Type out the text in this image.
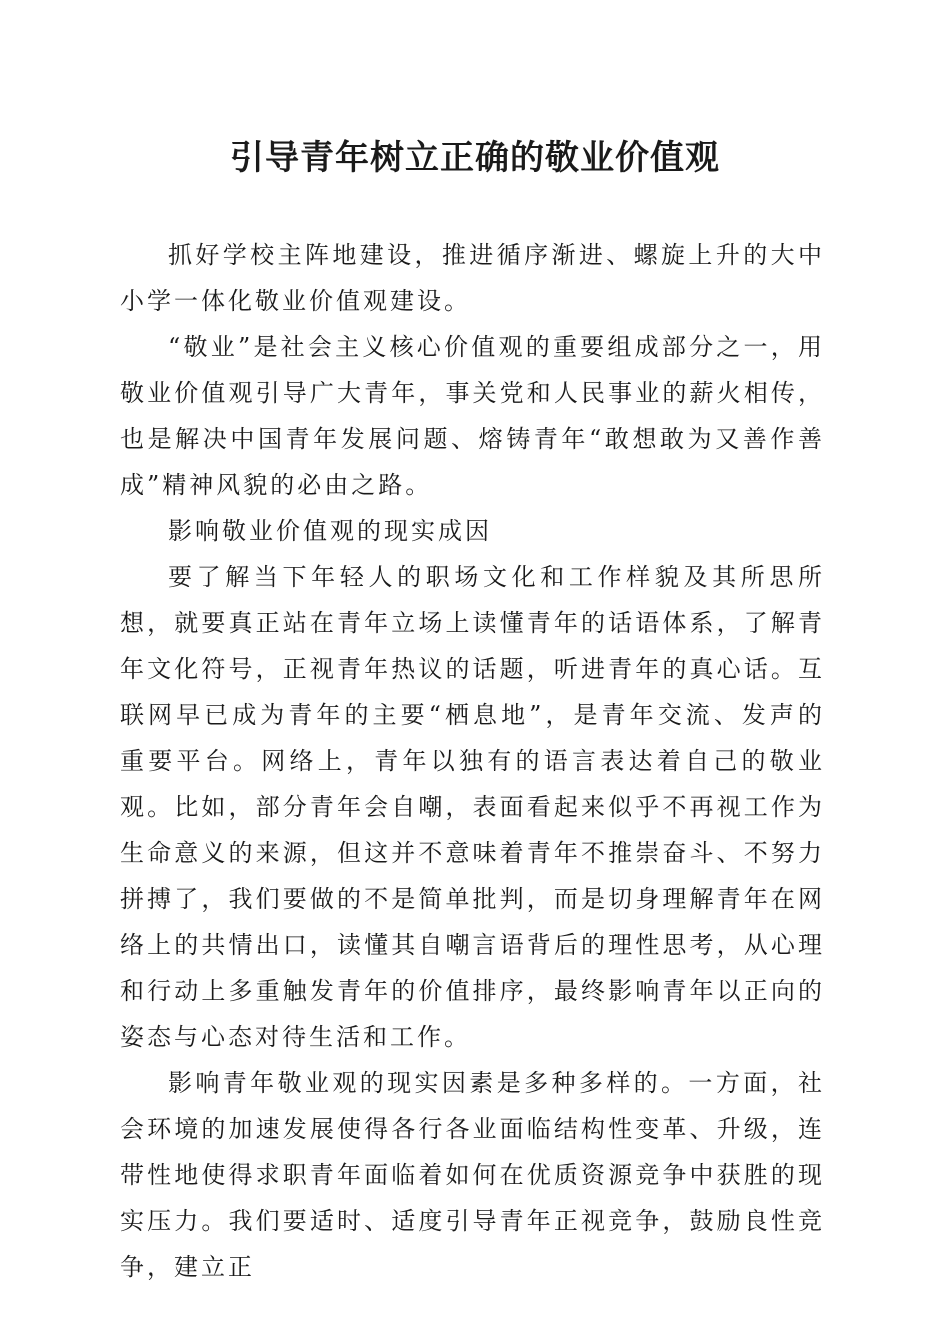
引导青年树立正确的敬业价值观

抓好学校主阵地建设，推进循序渐进、螺旋上升的大中小学一体化敬业价值观建设。

“敬业”是社会主义核心价值观的重要组成部分之一，用敬业价值观引导广大青年，事关党和人民事业的薪火相传，也是解决中国青年发展问题、熔铸青年“敢想敢为又善作善成”精神风貌的必由之路。

影响敬业价值观的现实成因

要了解当下年轻人的职场文化和工作样貌及其所思所想，就要真正站在青年立场上读懂青年的话语体系，了解青年文化符号，正视青年热议的话题，听进青年的真心话。互联网早已成为青年的主要“栖息地”，是青年交流、发声的重要平台。网络上，青年以独有的语言表达着自己的敬业观。比如，部分青年会自嘲，表面看起来似乎不再视工作为生命意义的来源，但这并不意味着青年不推崇奋斗、不努力拼搏了，我们要做的不是简单批判，而是切身理解青年在网络上的共情出口，读懂其自嘲言语背后的理性思考，从心理和行动上多重触发青年的价值排序，最终影响青年以正向的姿态与心态对待生活和工作。

影响青年敬业观的现实因素是多种多样的。一方面，社会环境的加速发展使得各行各业面临结构性变革、升级，连带性地使得求职青年面临着如何在优质资源竞争中获胜的现实压力。我们要适时、适度引导青年正视竞争，鼓励良性竞争，建立正
